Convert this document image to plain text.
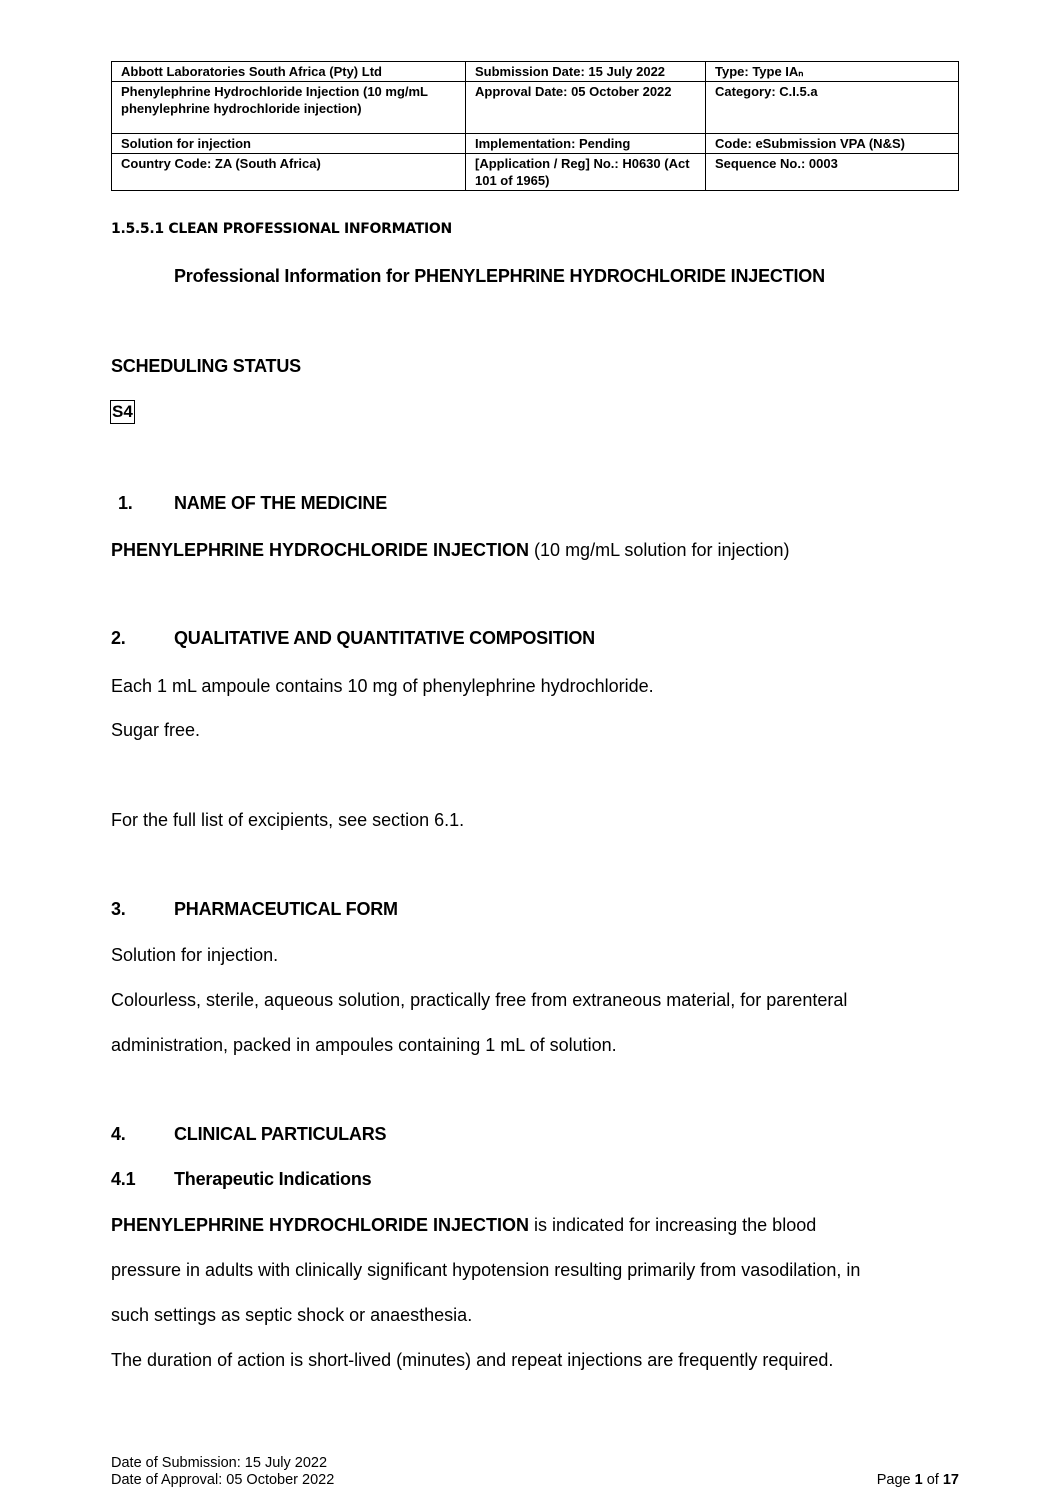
Abbott Laboratories South Africa (Pty) Ltd	Submission Date: 15 July 2022	Type: Type IAₙ
Phenylephrine Hydrochloride Injection (10 mg/mL phenylephrine hydrochloride injection)	Approval Date: 05 October 2022	Category: C.I.5.a
Solution for injection	Implementation: Pending	Code: eSubmission VPA (N&S)
Country Code: ZA (South Africa)	[Application / Reg] No.: H0630 (Act 101 of 1965)	Sequence No.: 0003
1.5.5.1 CLEAN PROFESSIONAL INFORMATION
Professional Information for PHENYLEPHRINE HYDROCHLORIDE INJECTION
SCHEDULING STATUS
S4
1. NAME OF THE MEDICINE
PHENYLEPHRINE HYDROCHLORIDE INJECTION (10 mg/mL solution for injection)
2.	QUALITATIVE AND QUANTITATIVE COMPOSITION
Each 1 mL ampoule contains 10 mg of phenylephrine hydrochloride.
Sugar free.
For the full list of excipients, see section 6.1.
3.	PHARMACEUTICAL FORM
Solution for injection.
Colourless, sterile, aqueous solution, practically free from extraneous material, for parenteral
administration, packed in ampoules containing 1 mL of solution.
4.	CLINICAL PARTICULARS
4.1 Therapeutic Indications
PHENYLEPHRINE HYDROCHLORIDE INJECTION is indicated for increasing the blood
pressure in adults with clinically significant hypotension resulting primarily from vasodilation, in
such settings as septic shock or anaesthesia.
The duration of action is short-lived (minutes) and repeat injections are frequently required.
Date of Submission: 15 July 2022
Date of Approval: 05 October 2022	Page 1 of 17
